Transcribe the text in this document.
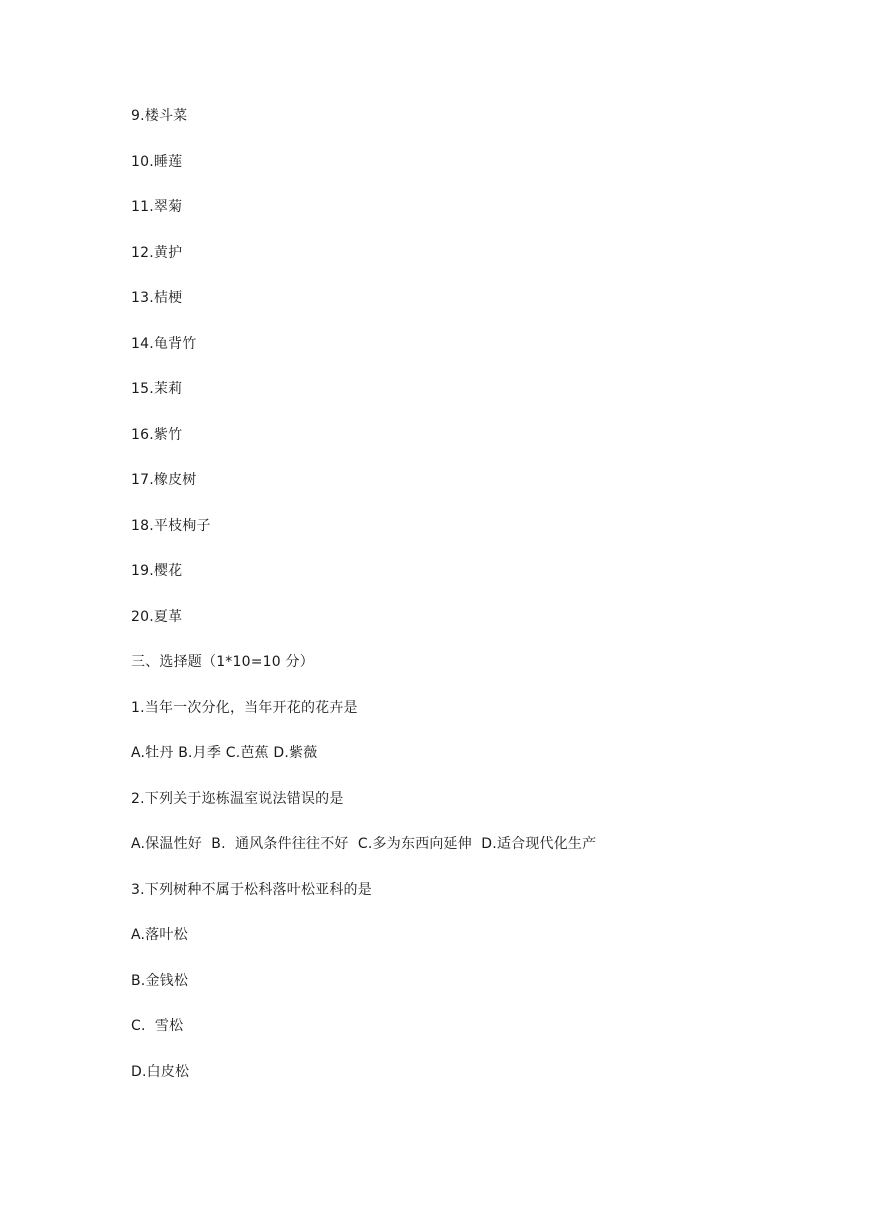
9.楼斗菜
10.睡莲
11.翠菊
12.黄护
13.桔梗
14.龟背竹
15.茉莉
16.紫竹
17.橡皮树
18.平枝栒子
19.樱花
20.夏革
三、选择题（1*10=10 分）
1.当年一次分化，当年开花的花卉是
A.牡丹 B.月季 C.芭蕉 D.紫薇
2.下列关于迩栋温室说法错误的是
A.保温性好  B.  通风条件往往不好  C.多为东西向延伸  D.适合现代化生产
3.下列树种不属于松科落叶松亚科的是
A.落叶松
B.金钱松
C.  雪松
D.白皮松
